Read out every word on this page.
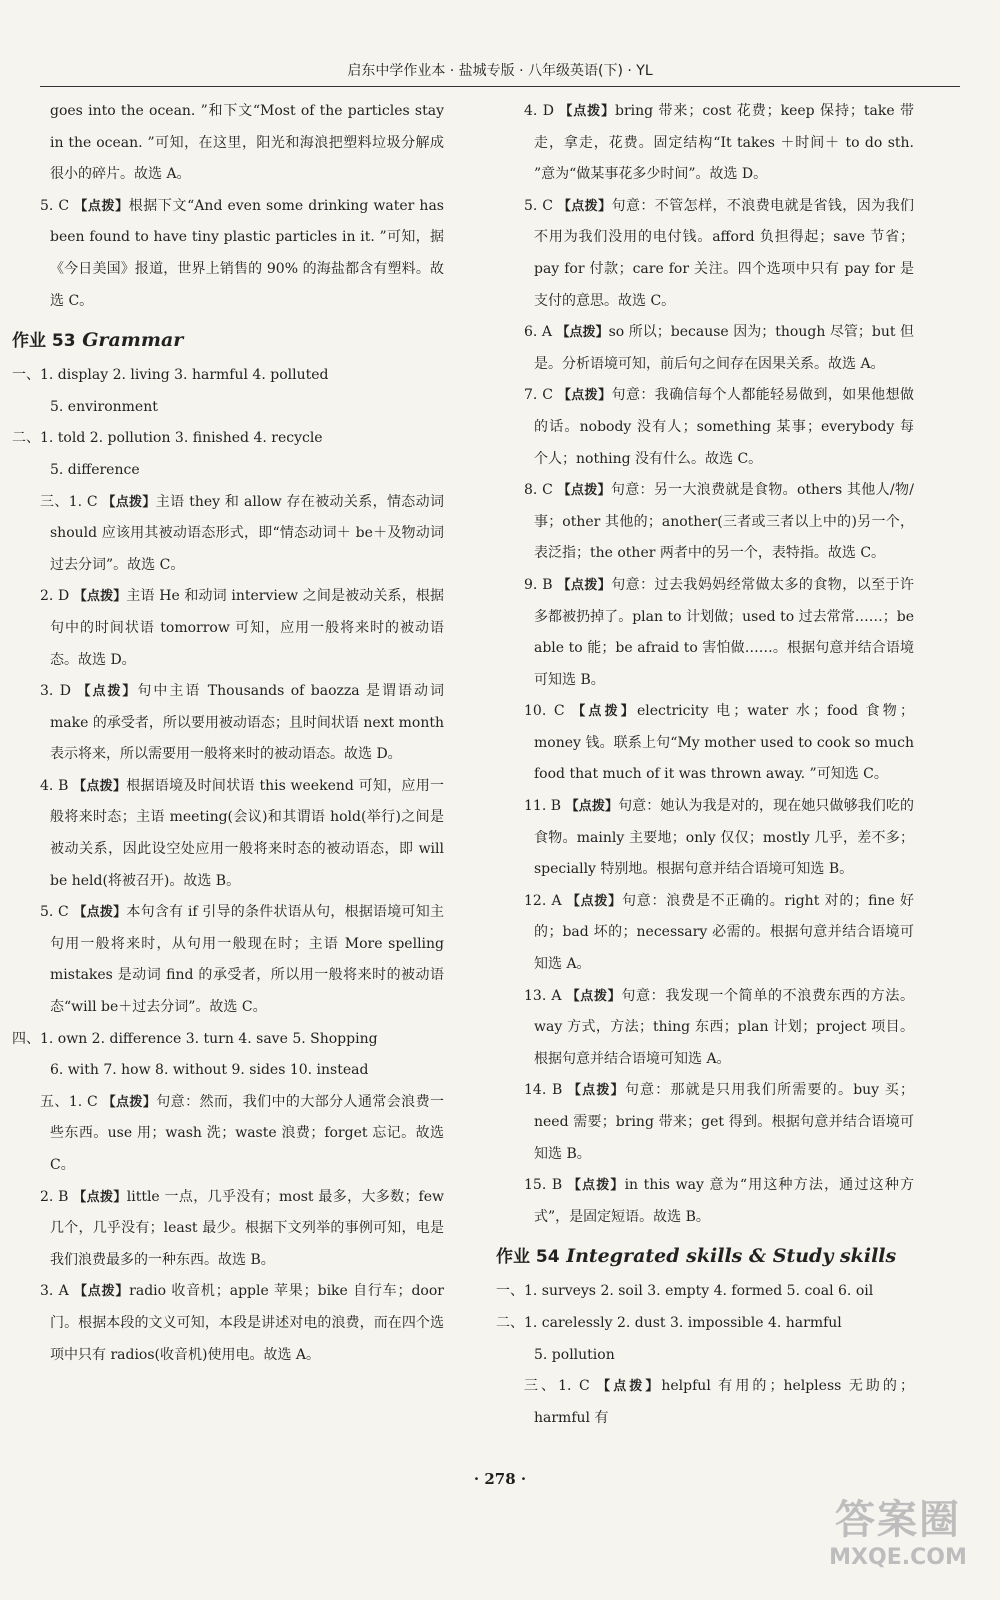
启东中学作业本 · 盐城专版 · 八年级英语(下) · YL

goes into the ocean. ”和下文“Most of the particles stay in the ocean. ”可知，在这里，阳光和海浪把塑料垃圾分解成很小的碎片。故选 A。

5. C 【点拨】根据下文“And even some drinking water has been found to have tiny plastic particles in it. ”可知，据《今日美国》报道，世界上销售的 90% 的海盐都含有塑料。故选 C。

作业 53 Grammar

一、1. display 2. living 3. harmful 4. polluted

5. environment

二、1. told 2. pollution 3. finished 4. recycle

5. difference

三、1. C 【点拨】主语 they 和 allow 存在被动关系，情态动词 should 应该用其被动语态形式，即“情态动词＋ be＋及物动词过去分词”。故选 C。

2. D 【点拨】主语 He 和动词 interview 之间是被动关系，根据句中的时间状语 tomorrow 可知，应用一般将来时的被动语态。故选 D。

3. D 【点拨】句中主语 Thousands of baozza 是谓语动词 make 的承受者，所以要用被动语态；且时间状语 next month 表示将来，所以需要用一般将来时的被动语态。故选 D。

4. B 【点拨】根据语境及时间状语 this weekend 可知，应用一般将来时态；主语 meeting(会议)和其谓语 hold(举行)之间是被动关系，因此设空处应用一般将来时态的被动语态，即 will be held(将被召开)。故选 B。

5. C 【点拨】本句含有 if 引导的条件状语从句，根据语境可知主句用一般将来时，从句用一般现在时；主语 More spelling mistakes 是动词 find 的承受者，所以用一般将来时的被动语态“will be＋过去分词”。故选 C。

四、1. own 2. difference 3. turn 4. save 5. Shopping

6. with 7. how 8. without 9. sides 10. instead

五、1. C 【点拨】句意：然而，我们中的大部分人通常会浪费一些东西。use 用；wash 洗；waste 浪费；forget 忘记。故选 C。

2. B 【点拨】little 一点，几乎没有；most 最多，大多数；few 几个，几乎没有；least 最少。根据下文列举的事例可知，电是我们浪费最多的一种东西。故选 B。

3. A 【点拨】radio 收音机；apple 苹果；bike 自行车；door 门。根据本段的文义可知，本段是讲述对电的浪费，而在四个选项中只有 radios(收音机)使用电。故选 A。

4. D 【点拨】bring 带来；cost 花费；keep 保持；take 带走，拿走，花费。固定结构“It takes ＋时间＋ to do sth. ”意为“做某事花多少时间”。故选 D。

5. C 【点拨】句意：不管怎样，不浪费电就是省钱，因为我们不用为我们没用的电付钱。afford 负担得起；save 节省；pay for 付款；care for 关注。四个选项中只有 pay for 是支付的意思。故选 C。

6. A 【点拨】so 所以；because 因为；though 尽管；but 但是。分析语境可知，前后句之间存在因果关系。故选 A。

7. C 【点拨】句意：我确信每个人都能轻易做到，如果他想做的话。nobody 没有人；something 某事；everybody 每个人；nothing 没有什么。故选 C。

8. C 【点拨】句意：另一大浪费就是食物。others 其他人/物/事；other 其他的；another(三者或三者以上中的)另一个，表泛指；the other 两者中的另一个，表特指。故选 C。

9. B 【点拨】句意：过去我妈妈经常做太多的食物，以至于许多都被扔掉了。plan to 计划做；used to 过去常常……；be able to 能；be afraid to 害怕做……。根据句意并结合语境可知选 B。

10. C 【点拨】electricity 电；water 水；food 食物；money 钱。联系上句“My mother used to cook so much food that much of it was thrown away. ”可知选 C。

11. B 【点拨】句意：她认为我是对的，现在她只做够我们吃的食物。mainly 主要地；only 仅仅；mostly 几乎，差不多；specially 特别地。根据句意并结合语境可知选 B。

12. A 【点拨】句意：浪费是不正确的。right 对的；fine 好的；bad 坏的；necessary 必需的。根据句意并结合语境可知选 A。

13. A 【点拨】句意：我发现一个简单的不浪费东西的方法。way 方式，方法；thing 东西；plan 计划；project 项目。根据句意并结合语境可知选 A。

14. B 【点拨】句意：那就是只用我们所需要的。buy 买；need 需要；bring 带来；get 得到。根据句意并结合语境可知选 B。

15. B 【点拨】in this way 意为“用这种方法，通过这种方式”，是固定短语。故选 B。

作业 54 Integrated skills & Study skills

一、1. surveys 2. soil 3. empty 4. formed 5. coal 6. oil

二、1. carelessly 2. dust 3. impossible 4. harmful

5. pollution

三、1. C 【点拨】helpful 有用的；helpless 无助的；harmful 有

· 278 ·
答案圈
MXQE.COM
